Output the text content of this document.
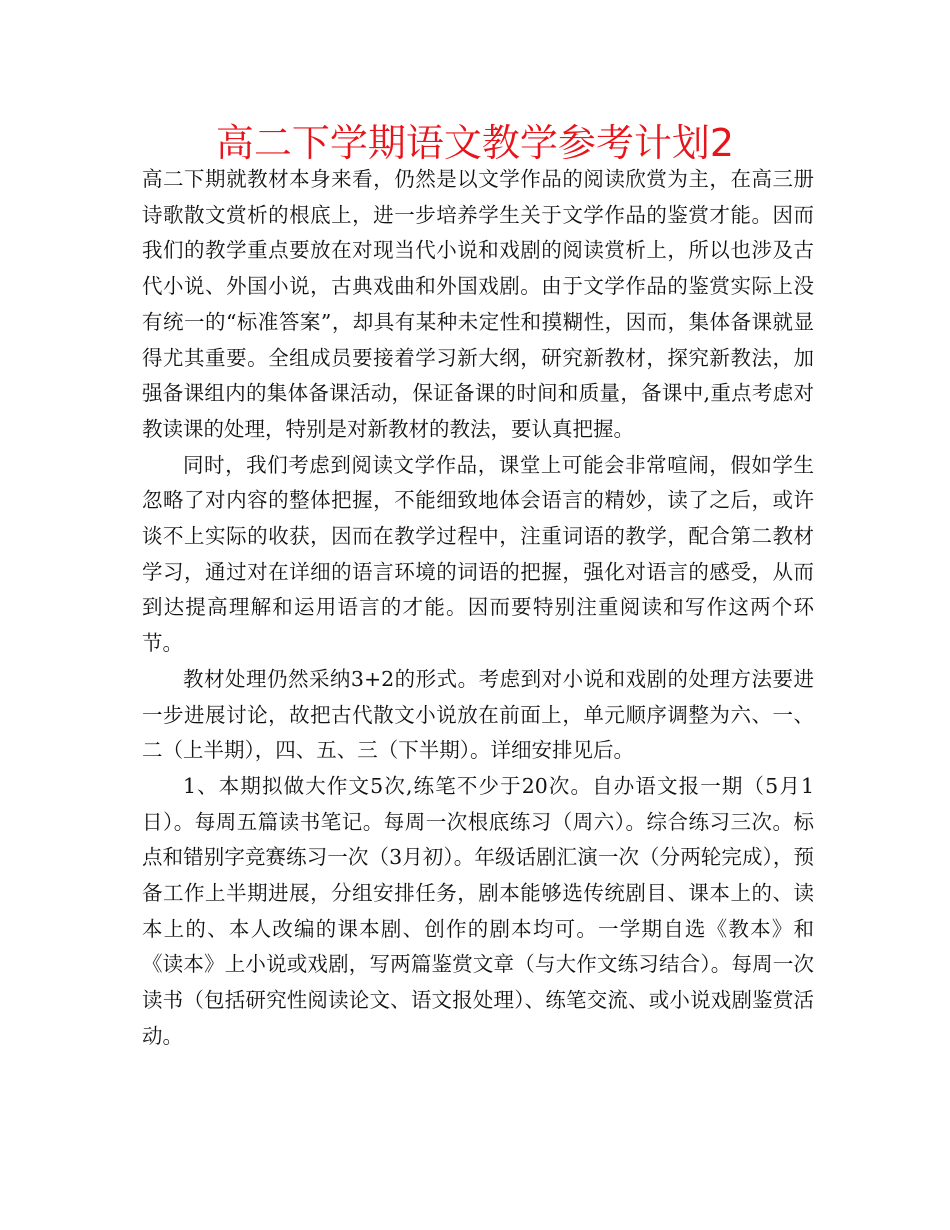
高二下学期语文教学参考计划2

高二下期就教材本身来看，仍然是以文学作品的阅读欣赏为主，在高三册诗歌散文赏析的根底上，进一步培养学生关于文学作品的鉴赏才能。因而我们的教学重点要放在对现当代小说和戏剧的阅读赏析上，所以也涉及古代小说、外国小说，古典戏曲和外国戏剧。由于文学作品的鉴赏实际上没有统一的“标准答案”，却具有某种未定性和摸糊性，因而，集体备课就显得尤其重要。全组成员要接着学习新大纲，研究新教材，探究新教法，加强备课组内的集体备课活动，保证备课的时间和质量，备课中,重点考虑对教读课的处理，特别是对新教材的教法，要认真把握。

同时，我们考虑到阅读文学作品，课堂上可能会非常喧闹，假如学生忽略了对内容的整体把握，不能细致地体会语言的精妙，读了之后，或许谈不上实际的收获，因而在教学过程中，注重词语的教学，配合第二教材学习，通过对在详细的语言环境的词语的把握，强化对语言的感受，从而到达提高理解和运用语言的才能。因而要特别注重阅读和写作这两个环节。

教材处理仍然采纳3+2的形式。考虑到对小说和戏剧的处理方法要进一步进展讨论，故把古代散文小说放在前面上，单元顺序调整为六、一、二（上半期），四、五、三（下半期）。详细安排见后。

1、本期拟做大作文5次,练笔不少于20次。自办语文报一期（5月1日）。每周五篇读书笔记。每周一次根底练习（周六）。综合练习三次。标点和错别字竞赛练习一次（3月初）。年级话剧汇演一次（分两轮完成），预备工作上半期进展，分组安排任务，剧本能够选传统剧目、课本上的、读本上的、本人改编的课本剧、创作的剧本均可。一学期自选《教本》和《读本》上小说或戏剧，写两篇鉴赏文章（与大作文练习结合）。每周一次读书（包括研究性阅读论文、语文报处理）、练笔交流、或小说戏剧鉴赏活动。
